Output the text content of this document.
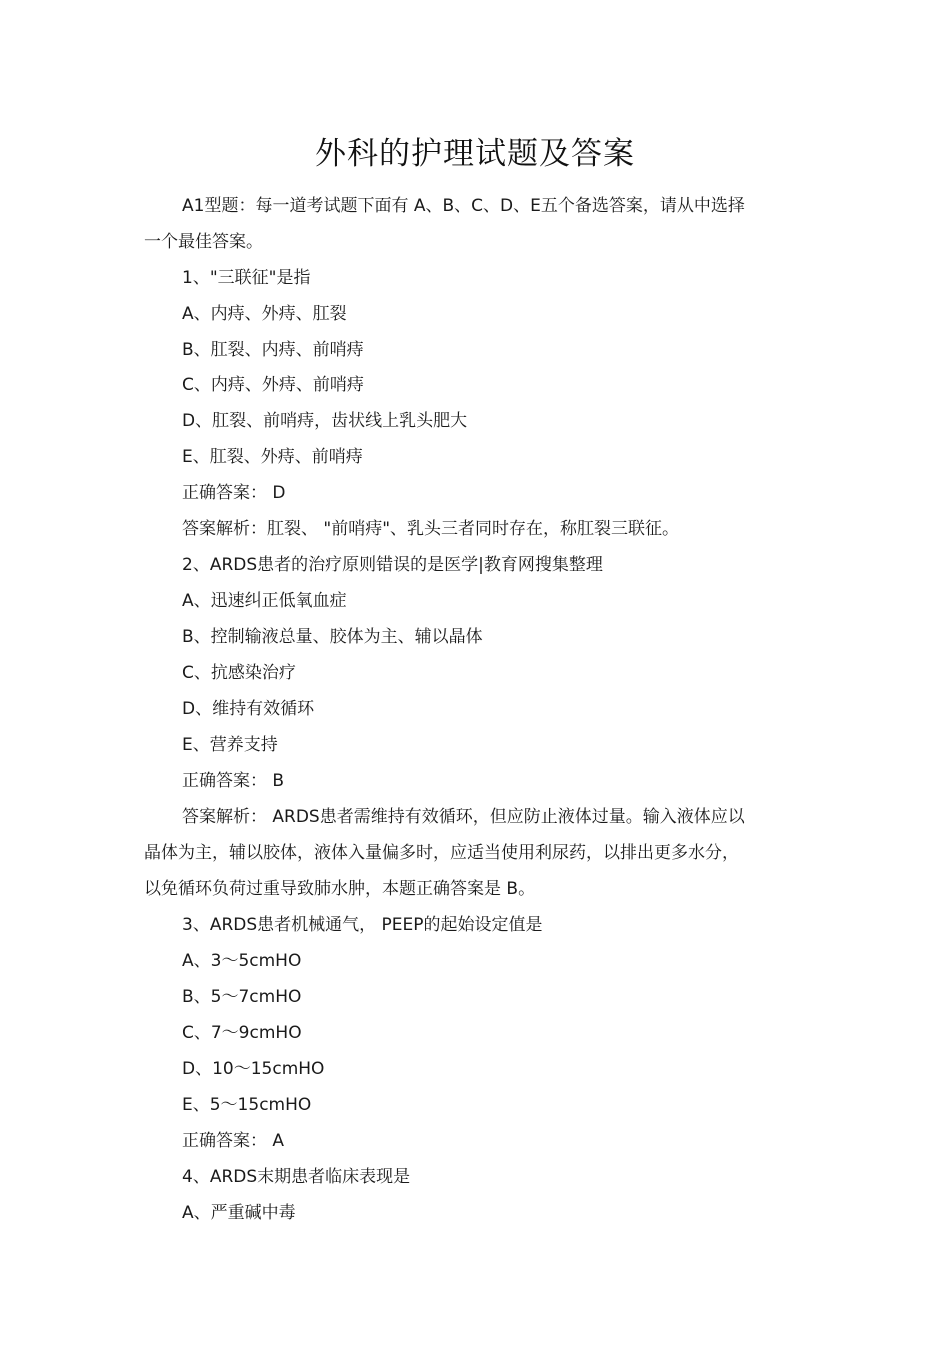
外科的护理试题及答案
A1型题：每一道考试题下面有 A、B、C、D、E五个备选答案，请从中选择
一个最佳答案。
1、"三联征"是指
A、内痔、外痔、肛裂
B、肛裂、内痔、前哨痔
C、内痔、外痔、前哨痔
D、肛裂、前哨痔，齿状线上乳头肥大
E、肛裂、外痔、前哨痔
正确答案： D
答案解析：肛裂、 "前哨痔"、乳头三者同时存在，称肛裂三联征。
2、ARDS患者的治疗原则错误的是医学|教育网搜集整理
A、迅速纠正低氧血症
B、控制输液总量、胶体为主、辅以晶体
C、抗感染治疗
D、维持有效循环
E、营养支持
正确答案： B
答案解析： ARDS患者需维持有效循环，但应防止液体过量。输入液体应以
晶体为主，辅以胶体，液体入量偏多时，应适当使用利尿药，以排出更多水分，
以免循环负荷过重导致肺水肿，本题正确答案是 B。
3、ARDS患者机械通气， PEEP的起始设定值是
A、3～5cmHO
B、5～7cmHO
C、7～9cmHO
D、10～15cmHO
E、5～15cmHO
正确答案： A
4、ARDS末期患者临床表现是
A、严重碱中毒
